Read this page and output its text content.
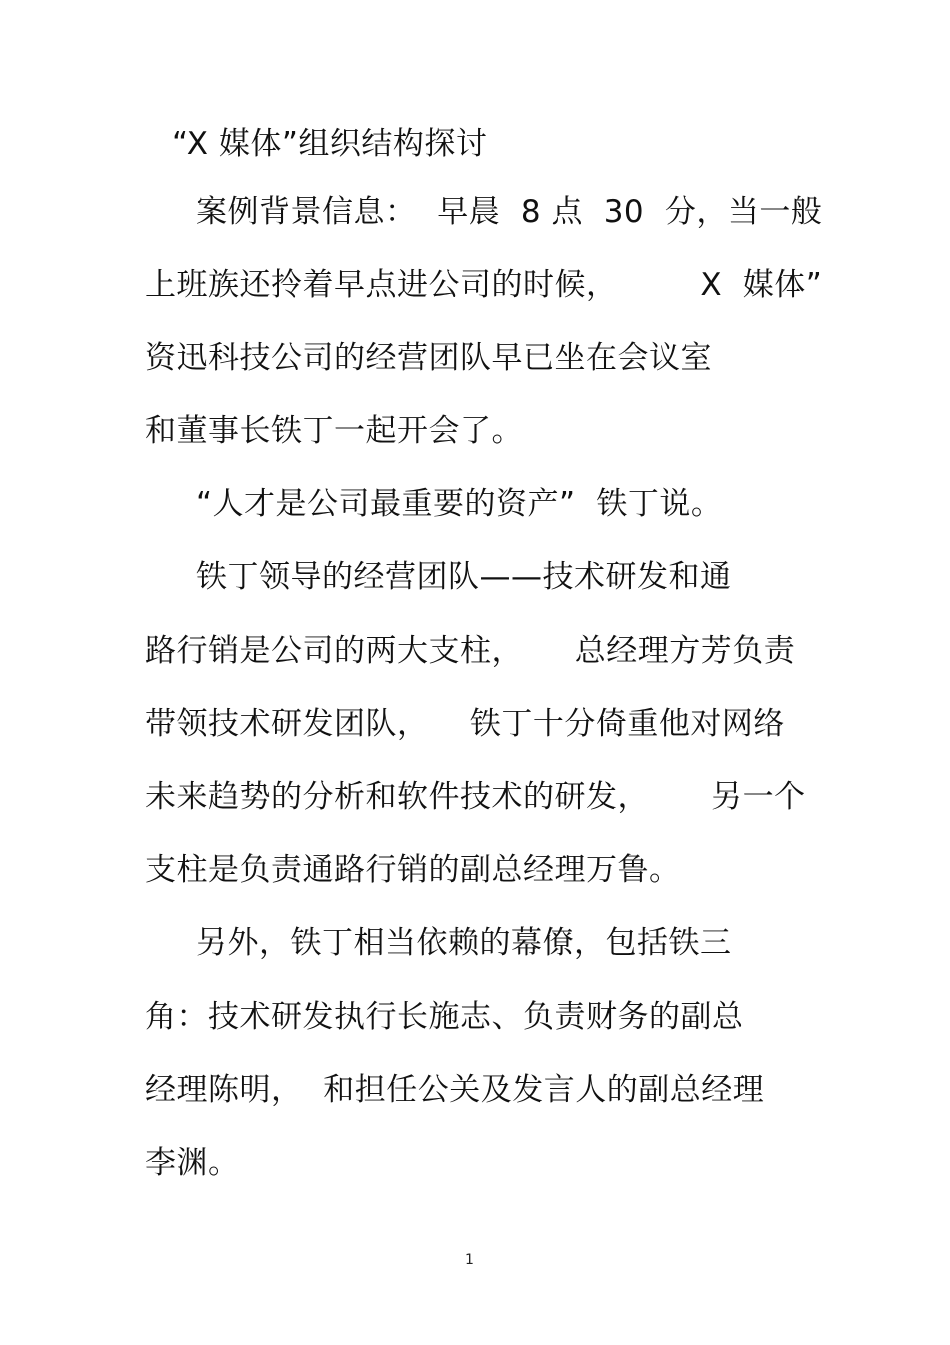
“X 媒体”组织结构探讨
案例背景信息：  早晨  8 点  30  分，当一般
上班族还拎着早点进公司的时候，        X  媒体”
资迅科技公司的经营团队早已坐在会议室
和董事长铁丁一起开会了。
“人才是公司最重要的资产”  铁丁说。
铁丁领导的经营团队——技术研发和通
路行销是公司的两大支柱，     总经理方芳负责
带领技术研发团队，    铁丁十分倚重他对网络
未来趋势的分析和软件技术的研发，      另一个
支柱是负责通路行销的副总经理万鲁。
另外，铁丁相当依赖的幕僚，包括铁三
角：技术研发执行长施志、负责财务的副总
经理陈明，  和担任公关及发言人的副总经理
李渊。
1
